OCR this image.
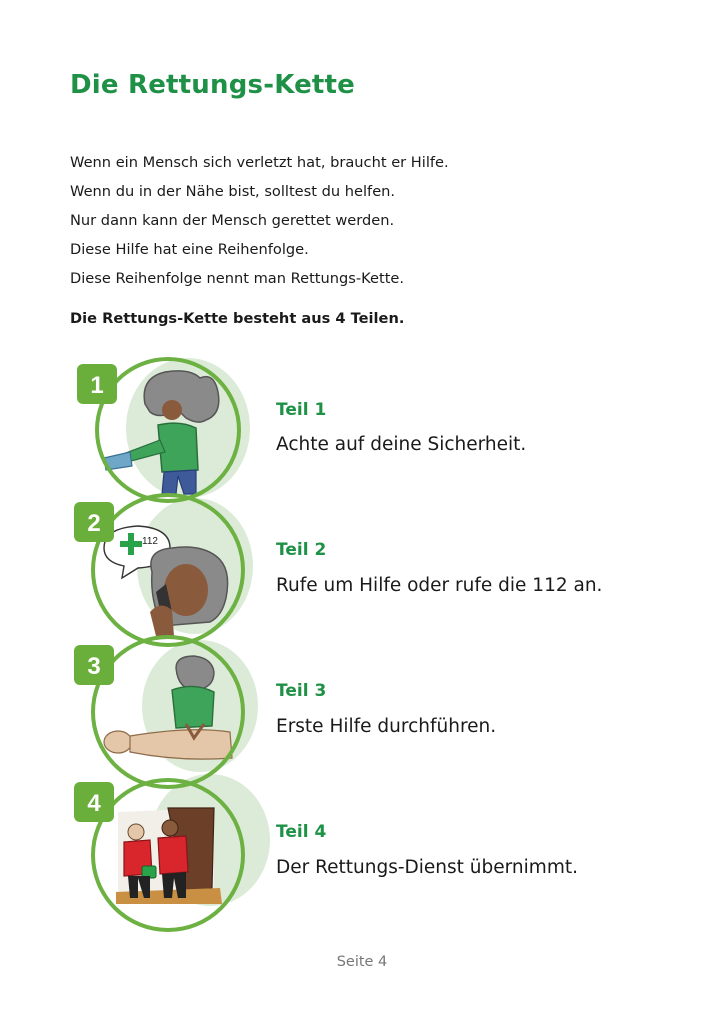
Die Rettungs-Kette
Wenn ein Mensch sich verletzt hat, braucht er Hilfe.
Wenn du in der Nähe bist, solltest du helfen.
Nur dann kann der Mensch gerettet werden.
Diese Hilfe hat eine Reihenfolge.
Diese Reihenfolge nennt man Rettungs-Kette.

Die Rettungs-Kette besteht aus 4 Teilen.

112
1
2
3
4
Teil 1
Achte auf deine Sicherheit.
Teil 2
Rufe um Hilfe oder rufe die 112 an.
Teil 3
Erste Hilfe durchführen.
Teil 4
Der Rettungs-Dienst übernimmt.
Seite 4
